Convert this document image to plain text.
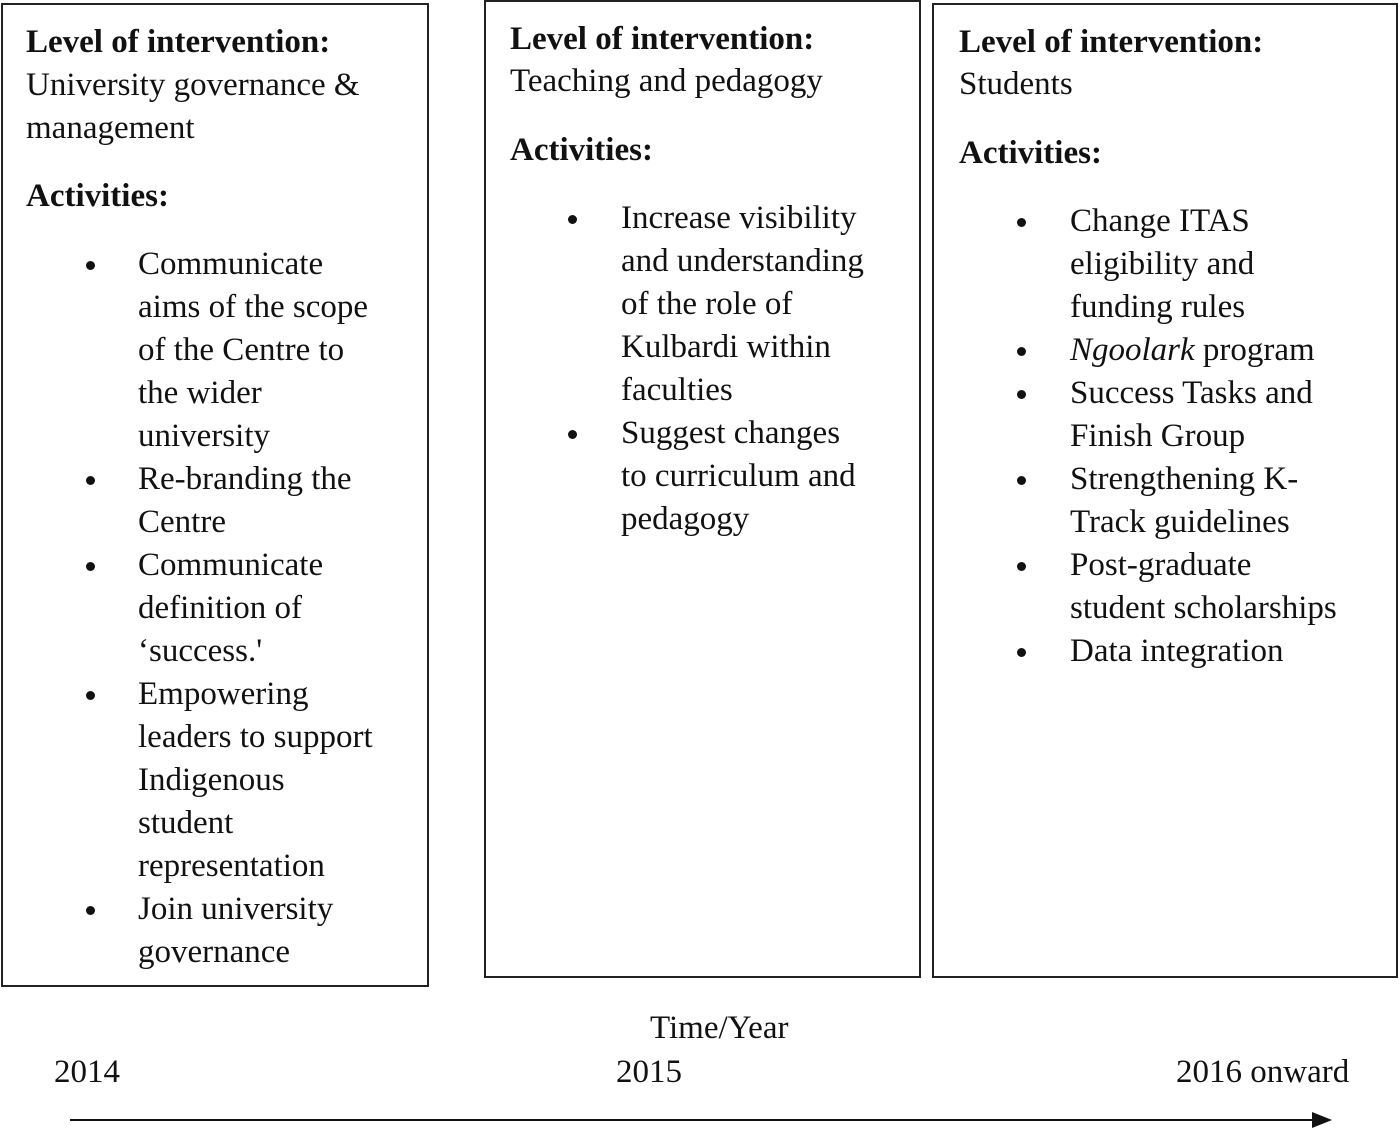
Level of intervention:

University governance &

management

Activities:

Communicate

aims of the scope

of the Centre to

the wider

university

Re-branding the

Centre

Communicate

definition of

‘success.'

Empowering

leaders to support

Indigenous

student

representation

Join university

governance

Level of intervention:

Teaching and pedagogy

Activities:

Increase visibility

and understanding

of the role of

Kulbardi within

faculties

Suggest changes

to curriculum and

pedagogy

Level of intervention:

Students

Activities:

Change ITAS

eligibility and

funding rules

Ngoolark program

Success Tasks and

Finish Group

Strengthening K-

Track guidelines

Post-graduate

student scholarships

Data integration

Time/Year
2014	2015	2016 onward
